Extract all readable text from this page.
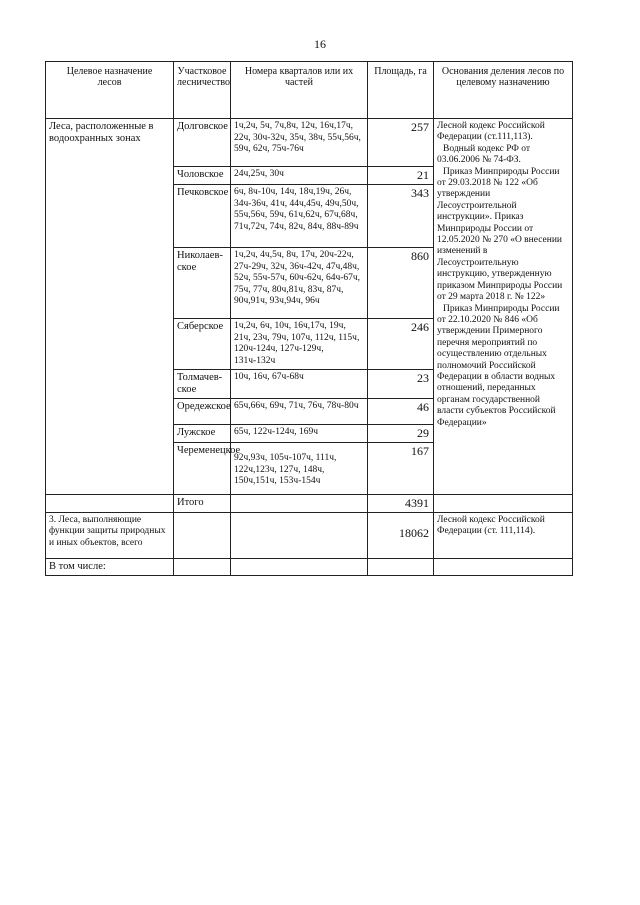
16
Целевое назначение лесов	Участковое лесничество	Номера кварталов или их частей	Площадь, га	Основания деления лесов по целевому назначению
Леса, расположенные в водоохранных зонах	Долговское	1ч,2ч, 5ч, 7ч,8ч, 12ч, 16ч,17ч, 22ч, 30ч-32ч, 35ч, 38ч, 55ч,56ч, 59ч, 62ч, 75ч-76ч	257	Лесной кодекс Российской Федерации (ст.111,113).
Водный кодекс РФ от 03.06.2006 № 74-ФЗ.
Приказ Минприроды России от 29.03.2018 № 122 «Об утверждении Лесоустроительной инструкции». Приказ Минприроды России от 12.05.2020 № 270 «О внесении изменений в Лесоустроительную инструкцию, утвержденную приказом Минприроды России от 29 марта 2018 г. № 122»
Приказ Минприроды России от 22.10.2020 № 846 «Об утверждении Примерного перечня мероприятий по осуществлению отдельных полномочий Российской Федерации в области водных отношений, переданных органам государственной власти субъектов Российской Федерации»

	Чоловское	24ч,25ч, 30ч	21	
	Печковское	6ч, 8ч-10ч, 14ч, 18ч,19ч, 26ч, 34ч-36ч, 41ч, 44ч,45ч, 49ч,50ч, 55ч,56ч, 59ч, 61ч,62ч, 67ч,68ч, 71ч,72ч, 74ч, 82ч, 84ч, 88ч-89ч	343	
	Николаев-ское	1ч,2ч, 4ч,5ч, 8ч, 17ч, 20ч-22ч, 27ч-29ч, 32ч, 36ч-42ч, 47ч,48ч, 52ч, 55ч-57ч, 60ч-62ч, 64ч-67ч, 75ч, 77ч, 80ч,81ч, 83ч, 87ч, 90ч,91ч, 93ч,94ч, 96ч	860	
	Сяберское	1ч,2ч, 6ч, 10ч, 16ч,17ч, 19ч, 21ч, 23ч, 79ч, 107ч, 112ч, 115ч, 120ч-124ч, 127ч-129ч, 131ч-132ч	246	
	Толмачев-ское	10ч, 16ч, 67ч-68ч	23	
	Оредежское	65ч,66ч, 69ч, 71ч, 76ч, 78ч-80ч	46	
	Лужское	65ч, 122ч-124ч, 169ч	29	
	Череменецкое	92ч,93ч, 105ч-107ч, 111ч, 122ч,123ч, 127ч, 148ч, 150ч,151ч, 153ч-154ч	167	
	Итого		4391	
3. Леса, выполняющие функции защиты природных и иных объектов, всего			18062	Лесной кодекс Российской Федерации (ст. 111,114).
В том числе:				
